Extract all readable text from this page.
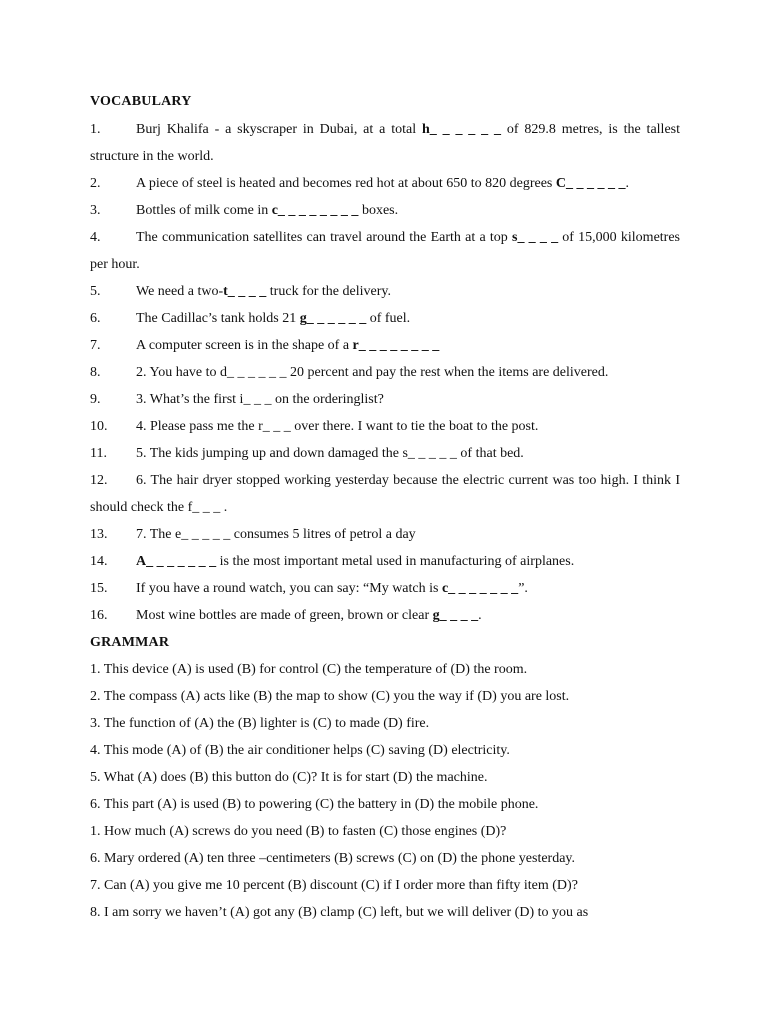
VOCABULARY
1.	Burj Khalifa - a skyscraper in Dubai, at a total h_ _ _ _ _ _ of 829.8 metres, is the tallest structure in the world.
2.	A piece of steel is heated and becomes red hot at about 650 to 820 degrees C_ _ _ _ _ _.
3.	Bottles of milk come in c_ _ _ _ _ _ _ _ boxes.
4.	The communication satellites can travel around the Earth at a top s_ _ _ _ of 15,000 kilometres per hour.
5.	We need a two-t_ _ _ _ truck for the delivery.
6.	The Cadillac’s tank holds 21 g_ _ _ _ _ _ of fuel.
7.	A computer screen is in the shape of a r_ _ _ _ _ _ _ _
8.	2. You have to d_ _ _ _ _ _ 20 percent and pay the rest when the items are delivered.
9.	3. What’s the first i_ _ _ on the orderinglist?
10. 4. Please pass me the r_ _ _ over there. I want to tie the boat to the post.
11. 5. The kids jumping up and down damaged the s_ _ _ _ _ of that bed.
12. 6. The hair dryer stopped working yesterday because the electric current was too high. I think I should check the f_ _ _ .
13. 7. The e_ _ _ _ _ consumes 5 litres of petrol a day
14. A_ _ _ _ _ _ _ is the most important metal used in manufacturing of airplanes.
15. If you have a round watch, you can say: “My watch is c_ _ _ _ _ _ _”.
16. Most wine bottles are made of green, brown or clear g_ _ _ _.
GRAMMAR
1. This device (A) is used (B) for control (C) the temperature of (D) the room.
2. The compass (A) acts like (B) the map to show (C) you the way if (D) you are lost.
3. The function of (A) the (B) lighter is (C) to made (D) fire.
4. This mode (A) of (B) the air conditioner helps (C) saving (D) electricity.
5. What (A) does (B) this button do (C)? It is for start (D) the machine.
6. This part (A) is used (B) to powering (C) the battery in (D) the mobile phone.
1. How much (A) screws do you need (B) to fasten (C) those engines (D)?
6. Mary ordered (A) ten three –centimeters (B) screws (C) on (D) the phone yesterday.
7. Can (A) you give me 10 percent (B) discount (C) if I order more than fifty item (D)?
8. I am sorry we haven’t (A) got any (B) clamp (C) left, but we will deliver (D) to you as
